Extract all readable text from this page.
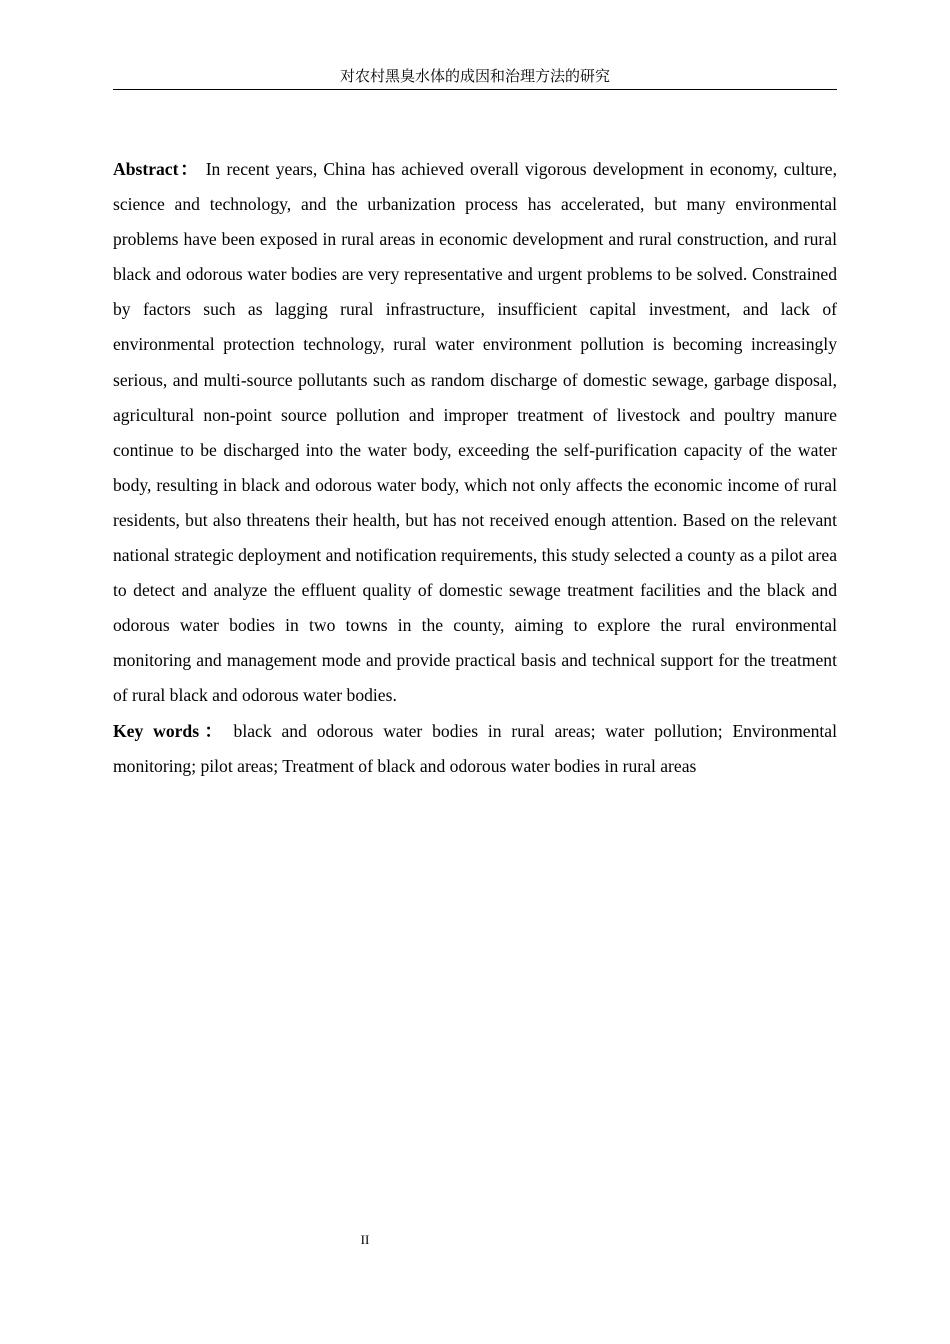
对农村黑臭水体的成因和治理方法的研究

Abstract： In recent years, China has achieved overall vigorous development in economy, culture, science and technology, and the urbanization process has accelerated, but many environmental problems have been exposed in rural areas in economic development and rural construction, and rural black and odorous water bodies are very representative and urgent problems to be solved. Constrained by factors such as lagging rural infrastructure, insufficient capital investment, and lack of environmental protection technology, rural water environment pollution is becoming increasingly serious, and multi-source pollutants such as random discharge of domestic sewage, garbage disposal, agricultural non-point source pollution and improper treatment of livestock and poultry manure continue to be discharged into the water body, exceeding the self-purification capacity of the water body, resulting in black and odorous water body, which not only affects the economic income of rural residents, but also threatens their health, but has not received enough attention. Based on the relevant national strategic deployment and notification requirements, this study selected a county as a pilot area to detect and analyze the effluent quality of domestic sewage treatment facilities and the black and odorous water bodies in two towns in the county, aiming to explore the rural environmental monitoring and management mode and provide practical basis and technical support for the treatment of rural black and odorous water bodies.

Key words： black and odorous water bodies in rural areas; water pollution; Environmental monitoring; pilot areas; Treatment of black and odorous water bodies in rural areas

II
